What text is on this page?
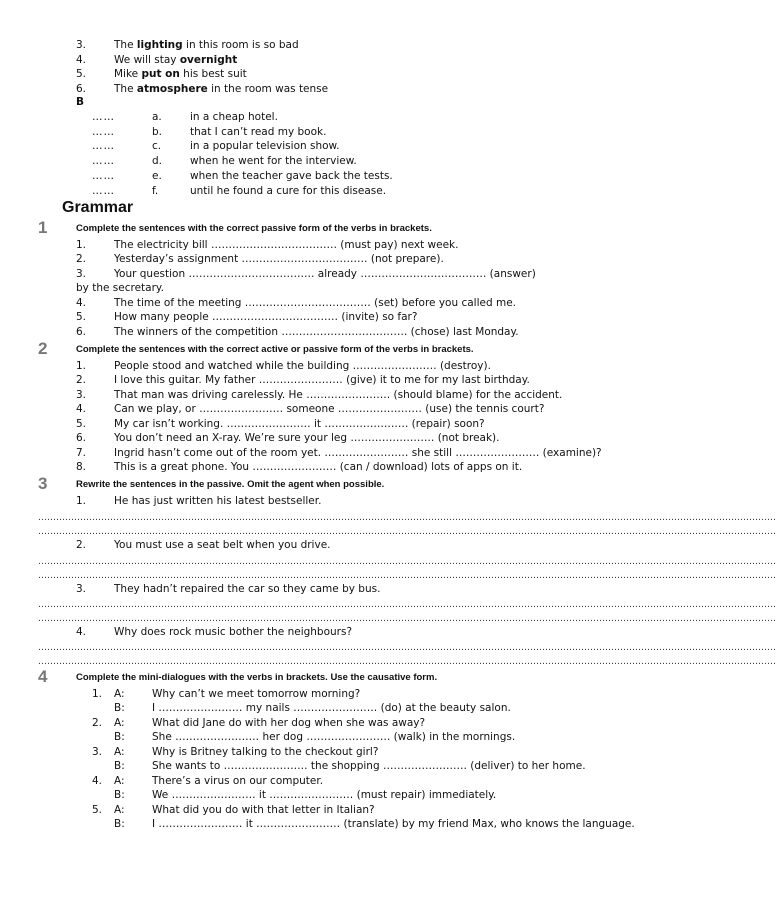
3.	The lighting in this room is so bad
4.	We will stay overnight
5.	Mike put on his best suit
6.	The atmosphere in the room was tense
B
……	a.	in a cheap hotel.
……	b.	that I can’t read my book.
……	c.	in a popular television show.
……	d.	when he went for the interview.
……	e.	when the teacher gave back the tests.
……	f.	until he found a cure for this disease.
Grammar
1	Complete the sentences with the correct passive form of the verbs in brackets.
1.	The electricity bill ……………………………… (must pay) next week.
2.	Yesterday’s assignment ……………………………… (not prepare).
3.	Your question ……………………………… already ……………………………… (answer)
by the secretary.
4.	The time of the meeting ……………………………… (set) before you called me.
5.	How many people ……………………………… (invite) so far?
6.	The winners of the competition ……………………………… (chose) last Monday.
2	Complete the sentences with the correct active or passive form of the verbs in brackets.
1.	People stood and watched while the building …………………… (destroy).
2.	I love this guitar. My father …………………… (give) it to me for my last birthday.
3.	That man was driving carelessly. He …………………… (should blame) for the accident.
4.	Can we play, or …………………… someone …………………… (use) the tennis court?
5.	My car isn’t working. …………………… it …………………… (repair) soon?
6.	You don’t need an X-ray. We’re sure your leg …………………… (not break).
7.	Ingrid hasn’t come out of the room yet. …………………… she still …………………… (examine)?
8.	This is a great phone. You …………………… (can / download) lots of apps on it.
3	Rewrite the sentences in the passive. Omit the agent when possible.
1.	He has just written his latest bestseller.
…………………………………………………………………………………………………………………………………………………………………………………………………………………………
…………………………………………………………………………………………………………………………………………………………………………………………………………………………
2.	You must use a seat belt when you drive.
…………………………………………………………………………………………………………………………………………………………………………………………………………………………
…………………………………………………………………………………………………………………………………………………………………………………………………………………………
3.	They hadn’t repaired the car so they came by bus.
…………………………………………………………………………………………………………………………………………………………………………………………………………………………
…………………………………………………………………………………………………………………………………………………………………………………………………………………………
4.	Why does rock music bother the neighbours?
…………………………………………………………………………………………………………………………………………………………………………………………………………………………
…………………………………………………………………………………………………………………………………………………………………………………………………………………………
4	Complete the mini-dialogues with the verbs in brackets. Use the causative form.
1. A:	Why can’t we meet tomorrow morning?
B:	I …………………… my nails …………………… (do) at the beauty salon.
2. A:	What did Jane do with her dog when she was away?
B:	She …………………… her dog …………………… (walk) in the mornings.
3. A:	Why is Britney talking to the checkout girl?
B:	She wants to …………………… the shopping …………………… (deliver) to her home.
4. A:	There’s a virus on our computer.
B:	We …………………… it …………………… (must repair) immediately.
5. A:	What did you do with that letter in Italian?
B:	I …………………… it …………………… (translate) by my friend Max, who knows the language.
